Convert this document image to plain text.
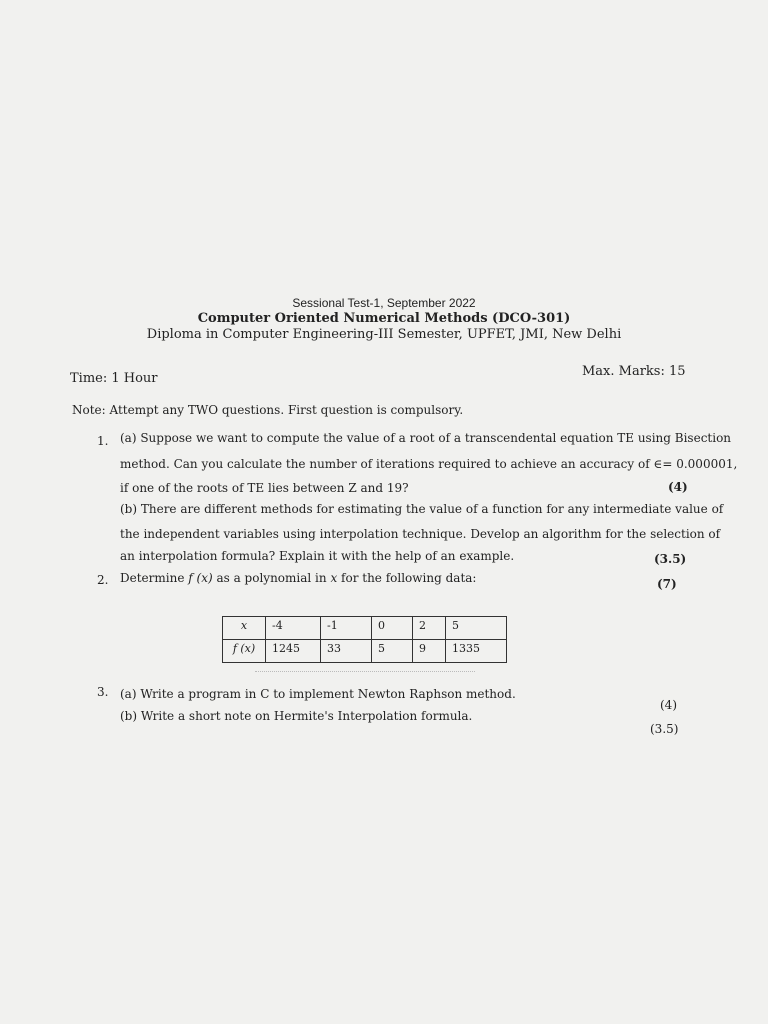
Sessional Test-1, September 2022
Computer Oriented Numerical Methods (DCO-301)
Diploma in Computer Engineering-III Semester, UPFET, JMI, New Delhi
Time: 1 Hour	Max. Marks: 15
Note: Attempt any TWO questions. First question is compulsory.
1. (a) Suppose we want to compute the value of a root of a transcendental equation TE using Bisection
method. Can you calculate the number of iterations required to achieve an accuracy of ∈= 0.000001,
if one of the roots of TE lies between Z and 19?	(4)
(b) There are different methods for estimating the value of a function for any intermediate value of
the independent variables using interpolation technique. Develop an algorithm for the selection of
an interpolation formula? Explain it with the help of an example.	(3.5)
2. Determine f (x) as a polynomial in x for the following data:	(7)
x	-4	-1	0	2	5
f (x)	1245	33	5	9	1335
3. (a) Write a program in C to implement Newton Raphson method.
(b) Write a short note on Hermite's Interpolation formula.
(4)
(3.5)
